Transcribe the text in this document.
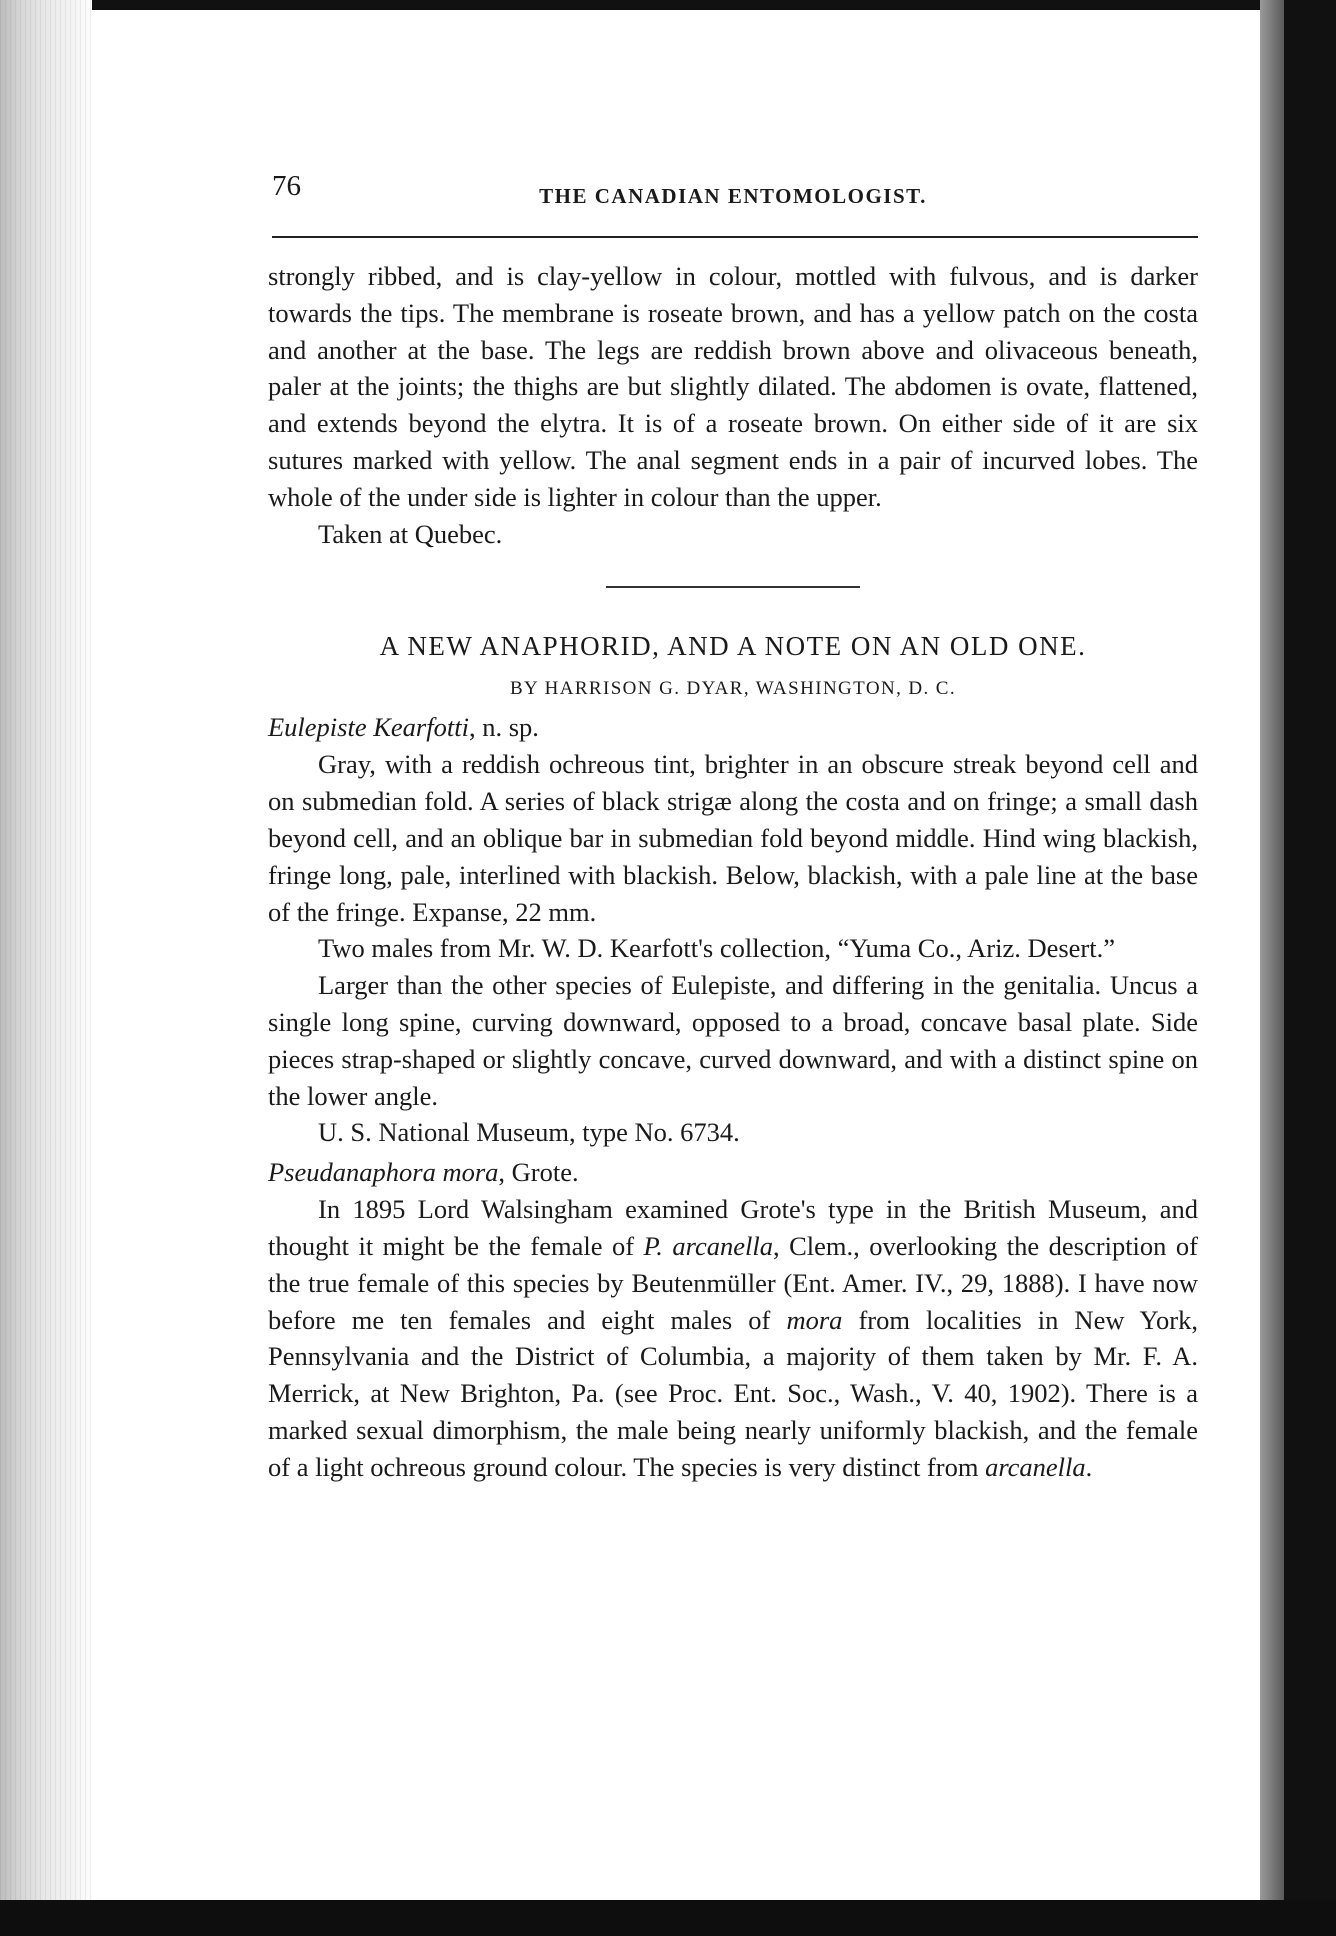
76	THE CANADIAN ENTOMOLOGIST.

strongly ribbed, and is clay-yellow in colour, mottled with fulvous, and is darker towards the tips. The membrane is roseate brown, and has a yellow patch on the costa and another at the base. The legs are reddish brown above and olivaceous beneath, paler at the joints; the thighs are but slightly dilated. The abdomen is ovate, flattened, and extends beyond the elytra. It is of a roseate brown. On either side of it are six sutures marked with yellow. The anal segment ends in a pair of incurved lobes. The whole of the under side is lighter in colour than the upper.

Taken at Quebec.

A NEW ANAPHORID, AND A NOTE ON AN OLD ONE.
BY HARRISON G. DYAR, WASHINGTON, D. C.
Eulepiste Kearfotti, n. sp.

Gray, with a reddish ochreous tint, brighter in an obscure streak beyond cell and on submedian fold. A series of black strigæ along the costa and on fringe; a small dash beyond cell, and an oblique bar in submedian fold beyond middle. Hind wing blackish, fringe long, pale, interlined with blackish. Below, blackish, with a pale line at the base of the fringe. Expanse, 22 mm.

Two males from Mr. W. D. Kearfott's collection, “Yuma Co., Ariz. Desert.”

Larger than the other species of Eulepiste, and differing in the genitalia. Uncus a single long spine, curving downward, opposed to a broad, concave basal plate. Side pieces strap-shaped or slightly concave, curved downward, and with a distinct spine on the lower angle.

U. S. National Museum, type No. 6734.

Pseudanaphora mora, Grote.

In 1895 Lord Walsingham examined Grote's type in the British Museum, and thought it might be the female of P. arcanella, Clem., overlooking the description of the true female of this species by Beutenmüller (Ent. Amer. IV., 29, 1888). I have now before me ten females and eight males of mora from localities in New York, Pennsylvania and the District of Columbia, a majority of them taken by Mr. F. A. Merrick, at New Brighton, Pa. (see Proc. Ent. Soc., Wash., V. 40, 1902). There is a marked sexual dimorphism, the male being nearly uniformly blackish, and the female of a light ochreous ground colour. The species is very distinct from arcanella.
